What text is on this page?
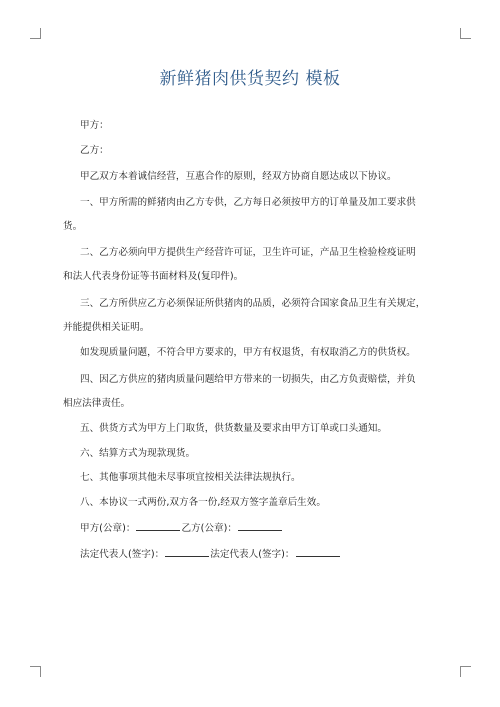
新鲜猪肉供货契约 模板
甲方：
乙方：
甲乙双方本着诚信经营，互惠合作的原则，经双方协商自愿达成以下协议。
一、甲方所需的鲜猪肉由乙方专供，乙方每日必须按甲方的订单量及加工要求供
货。
二、乙方必须向甲方提供生产经营许可证，卫生许可证，产品卫生检验检疫证明
和法人代表身份证等书面材料及(复印件)。
三、乙方所供应乙方必须保证所供猪肉的品质，必须符合国家食品卫生有关规定，
并能提供相关证明。
如发现质量问题，不符合甲方要求的，甲方有权退货，有权取消乙方的供货权。
四、因乙方供应的猪肉质量问题给甲方带来的一切损失，由乙方负责赔偿，并负
相应法律责任。
五、供货方式为甲方上门取货，供货数量及要求由甲方订单或口头通知。
六、结算方式为现款现货。
七、其他事项其他未尽事项宜按相关法律法规执行。
八、本协议一式两份,双方各一份,经双方签字盖章后生效。
甲方(公章)：	乙方(公章)：
法定代表人(签字)：	法定代表人(签字)：
